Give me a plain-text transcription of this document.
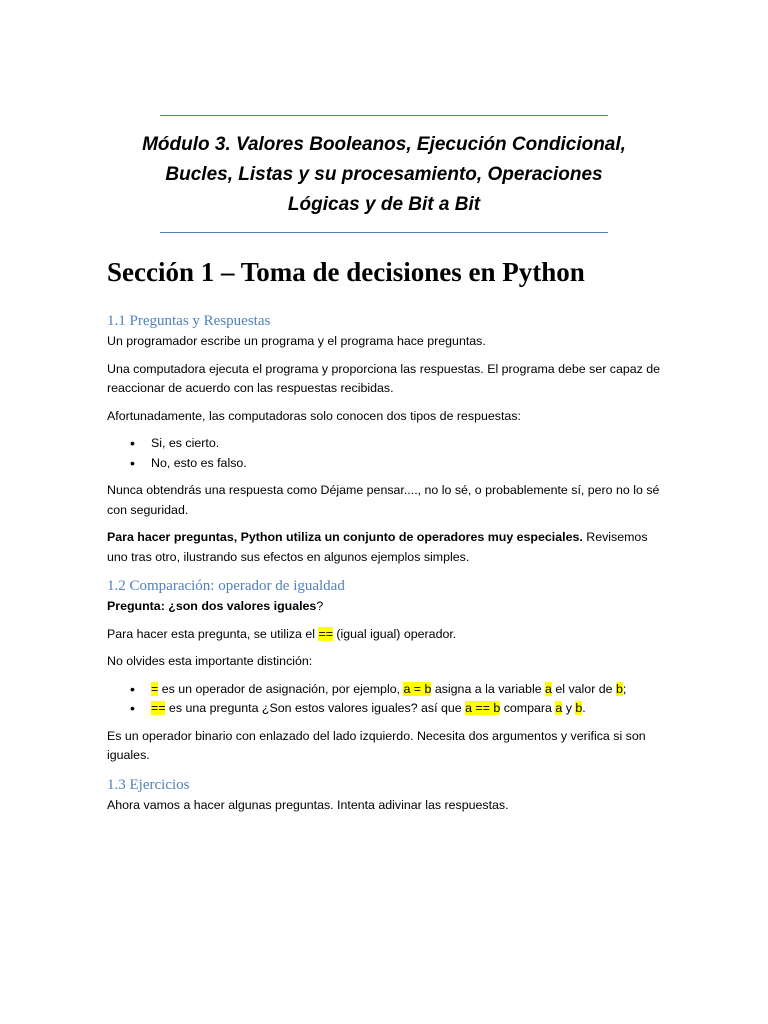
Módulo 3. Valores Booleanos, Ejecución Condicional, Bucles, Listas y su procesamiento, Operaciones Lógicas y de Bit a Bit
Sección 1 – Toma de decisiones en Python
1.1 Preguntas y Respuestas

Un programador escribe un programa y el programa hace preguntas.

Una computadora ejecuta el programa y proporciona las respuestas. El programa debe ser capaz de reaccionar de acuerdo con las respuestas recibidas.

Afortunadamente, las computadoras solo conocen dos tipos de respuestas:

• Si, es cierto.
• No, esto es falso.

Nunca obtendrás una respuesta como Déjame pensar...., no lo sé, o probablemente sí, pero no lo sé con seguridad.

Para hacer preguntas, Python utiliza un conjunto de operadores muy especiales. Revisemos uno tras otro, ilustrando sus efectos en algunos ejemplos simples.

1.2 Comparación: operador de igualdad

Pregunta: ¿son dos valores iguales?

Para hacer esta pregunta, se utiliza el == (igual igual) operador.

No olvides esta importante distinción:

• = es un operador de asignación, por ejemplo, a = b asigna a la variable a el valor de b;
• == es una pregunta ¿Son estos valores iguales? así que a == b compara a y b.

Es un operador binario con enlazado del lado izquierdo. Necesita dos argumentos y verifica si son iguales.

1.3 Ejercicios

Ahora vamos a hacer algunas preguntas. Intenta adivinar las respuestas.
